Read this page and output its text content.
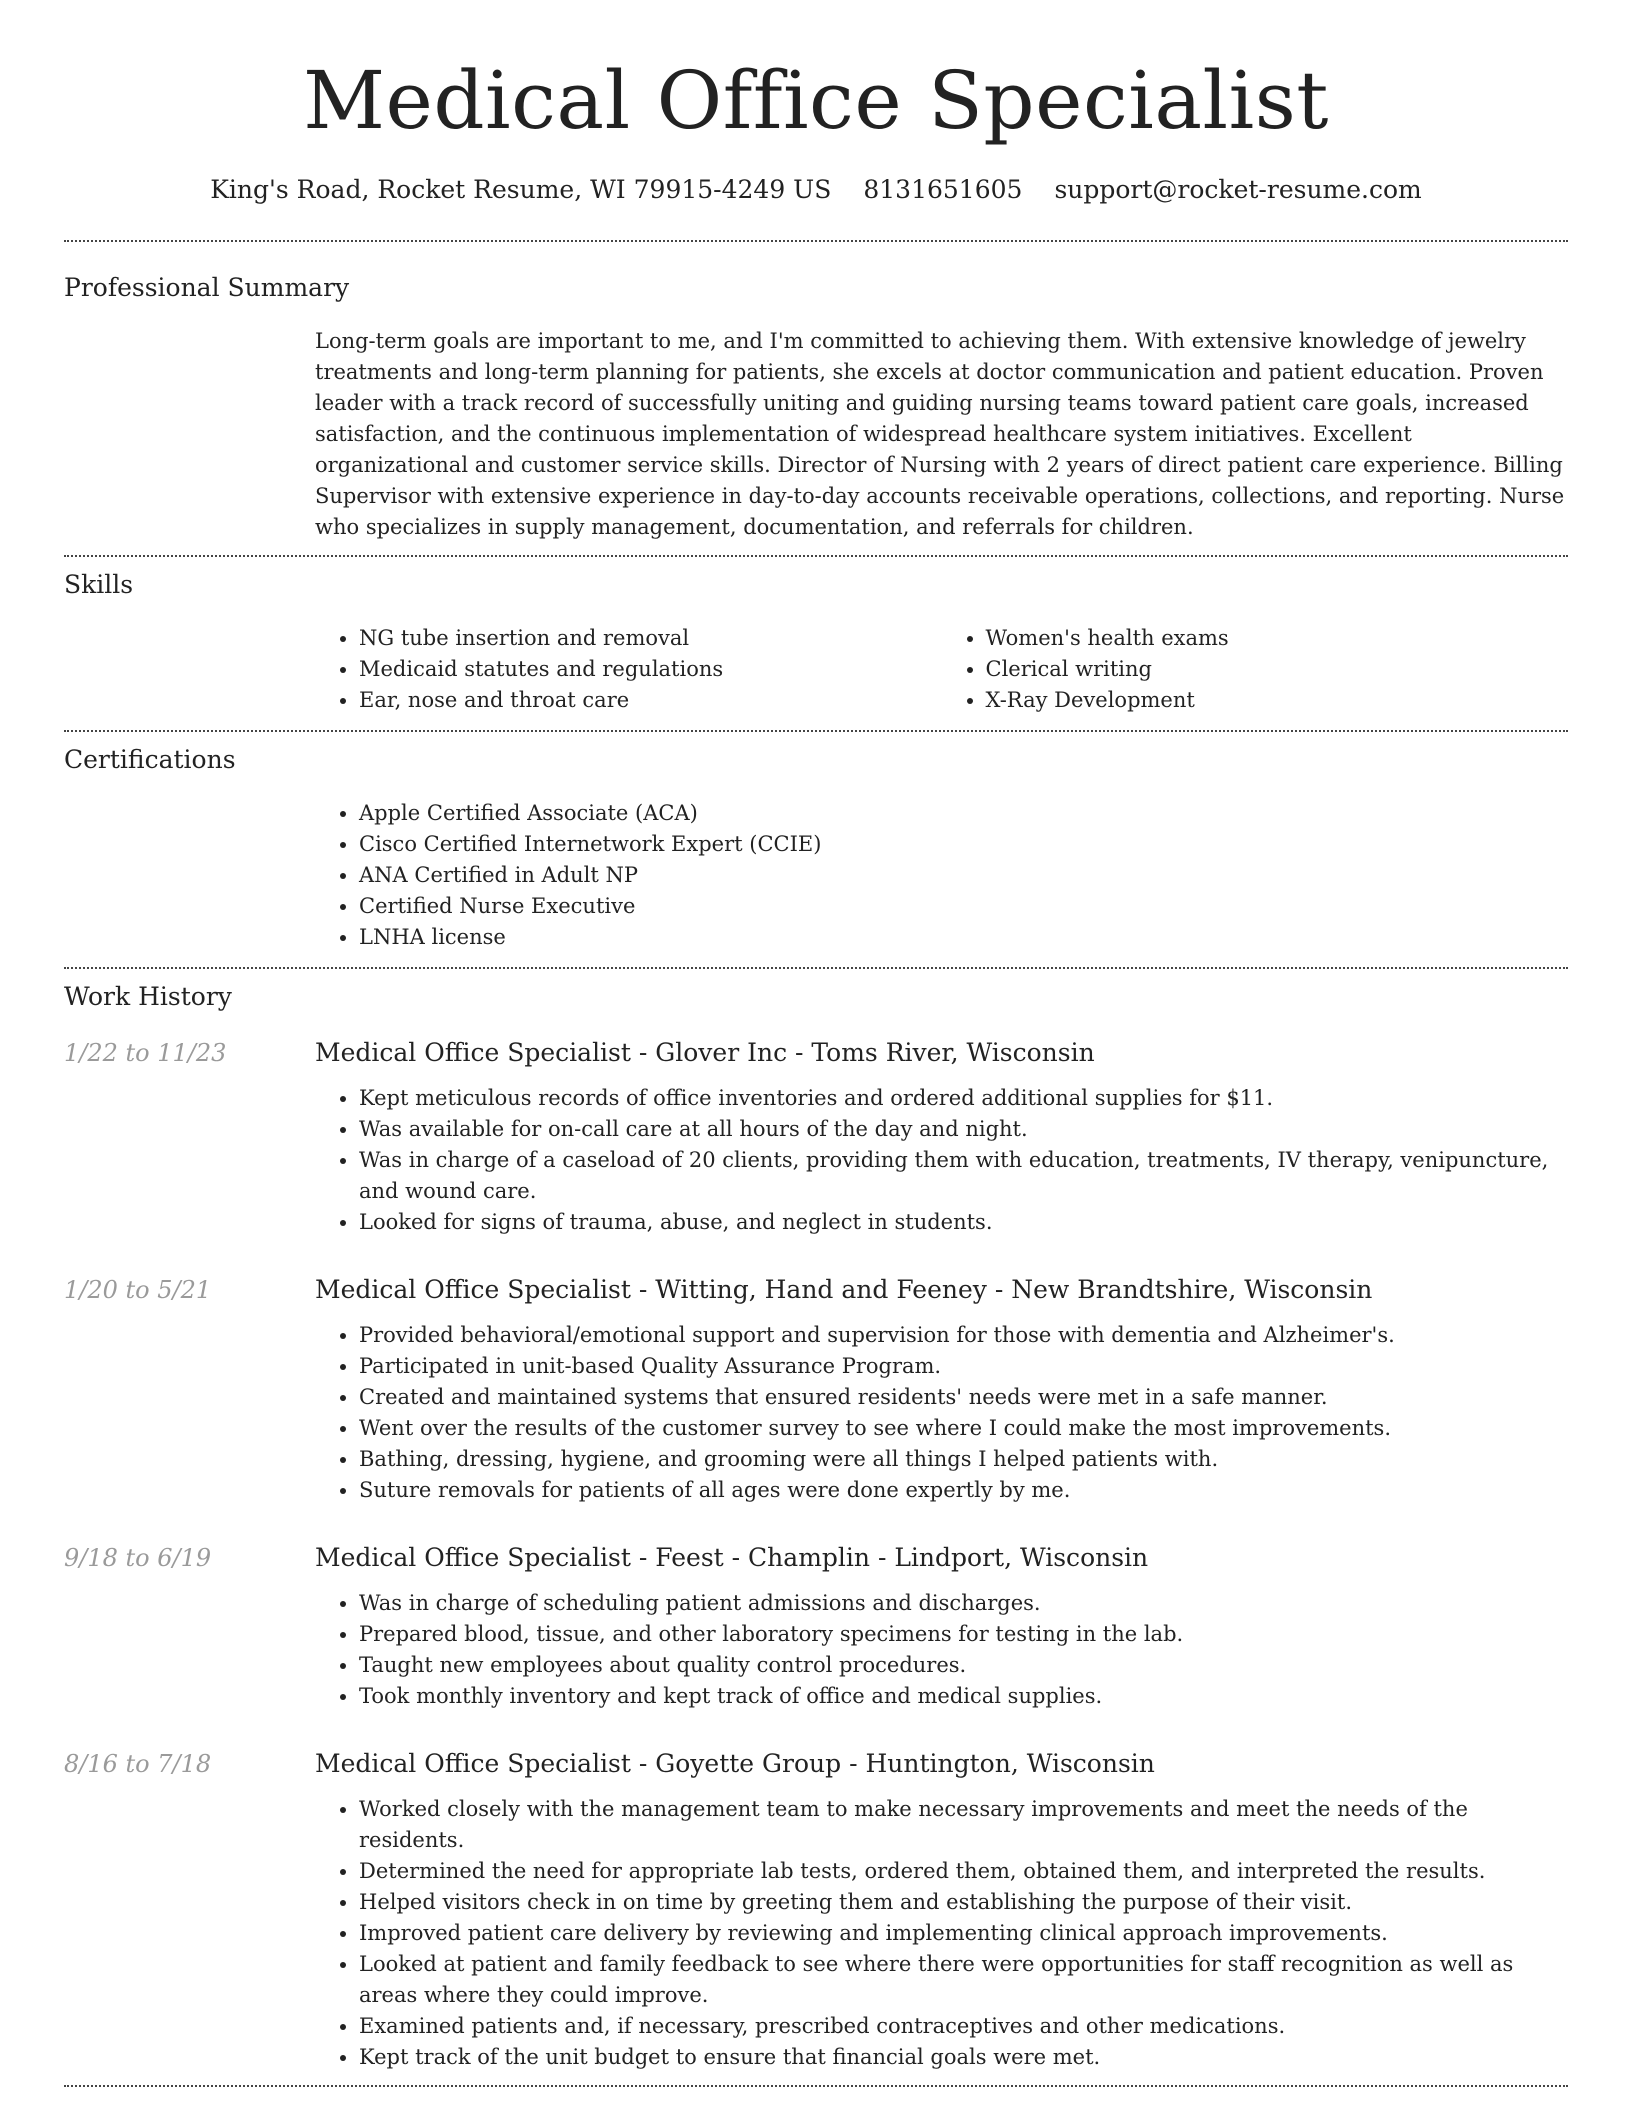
Medical Office Specialist
King's Road, Rocket Resume, WI 79915-4249 US 8131651605 support@rocket-resume.com
Professional Summary

Long-term goals are important to me, and I'm committed to achieving them. With extensive knowledge of jewelry treatments and long-term planning for patients, she excels at doctor communication and patient education. Proven leader with a track record of successfully uniting and guiding nursing teams toward patient care goals, increased satisfaction, and the continuous implementation of widespread healthcare system initiatives. Excellent organizational and customer service skills. Director of Nursing with 2 years of direct patient care experience. Billing Supervisor with extensive experience in day-to-day accounts receivable operations, collections, and reporting. Nurse who specializes in supply management, documentation, and referrals for children.

Skills
• NG tube insertion and removal
• Medicaid statutes and regulations
• Ear, nose and throat care
• Women's health exams
• Clerical writing
• X-Ray Development
Certifications
• Apple Certified Associate (ACA)
• Cisco Certified Internetwork Expert (CCIE)
• ANA Certified in Adult NP
• Certified Nurse Executive
• LNHA license
Work History
1/22 to 11/23	Medical Office Specialist - Glover Inc - Toms River, Wisconsin
• Kept meticulous records of office inventories and ordered additional supplies for $11.
• Was available for on-call care at all hours of the day and night.
• Was in charge of a caseload of 20 clients, providing them with education, treatments, IV therapy, venipuncture, and wound care.
• Looked for signs of trauma, abuse, and neglect in students.
1/20 to 5/21	Medical Office Specialist - Witting, Hand and Feeney - New Brandtshire, Wisconsin
• Provided behavioral/emotional support and supervision for those with dementia and Alzheimer's.
• Participated in unit-based Quality Assurance Program.
• Created and maintained systems that ensured residents' needs were met in a safe manner.
• Went over the results of the customer survey to see where I could make the most improvements.
• Bathing, dressing, hygiene, and grooming were all things I helped patients with.
• Suture removals for patients of all ages were done expertly by me.
9/18 to 6/19	Medical Office Specialist - Feest - Champlin - Lindport, Wisconsin
• Was in charge of scheduling patient admissions and discharges.
• Prepared blood, tissue, and other laboratory specimens for testing in the lab.
• Taught new employees about quality control procedures.
• Took monthly inventory and kept track of office and medical supplies.
8/16 to 7/18	Medical Office Specialist - Goyette Group - Huntington, Wisconsin
• Worked closely with the management team to make necessary improvements and meet the needs of the residents.
• Determined the need for appropriate lab tests, ordered them, obtained them, and interpreted the results.
• Helped visitors check in on time by greeting them and establishing the purpose of their visit.
• Improved patient care delivery by reviewing and implementing clinical approach improvements.
• Looked at patient and family feedback to see where there were opportunities for staff recognition as well as areas where they could improve.
• Examined patients and, if necessary, prescribed contraceptives and other medications.
• Kept track of the unit budget to ensure that financial goals were met.
